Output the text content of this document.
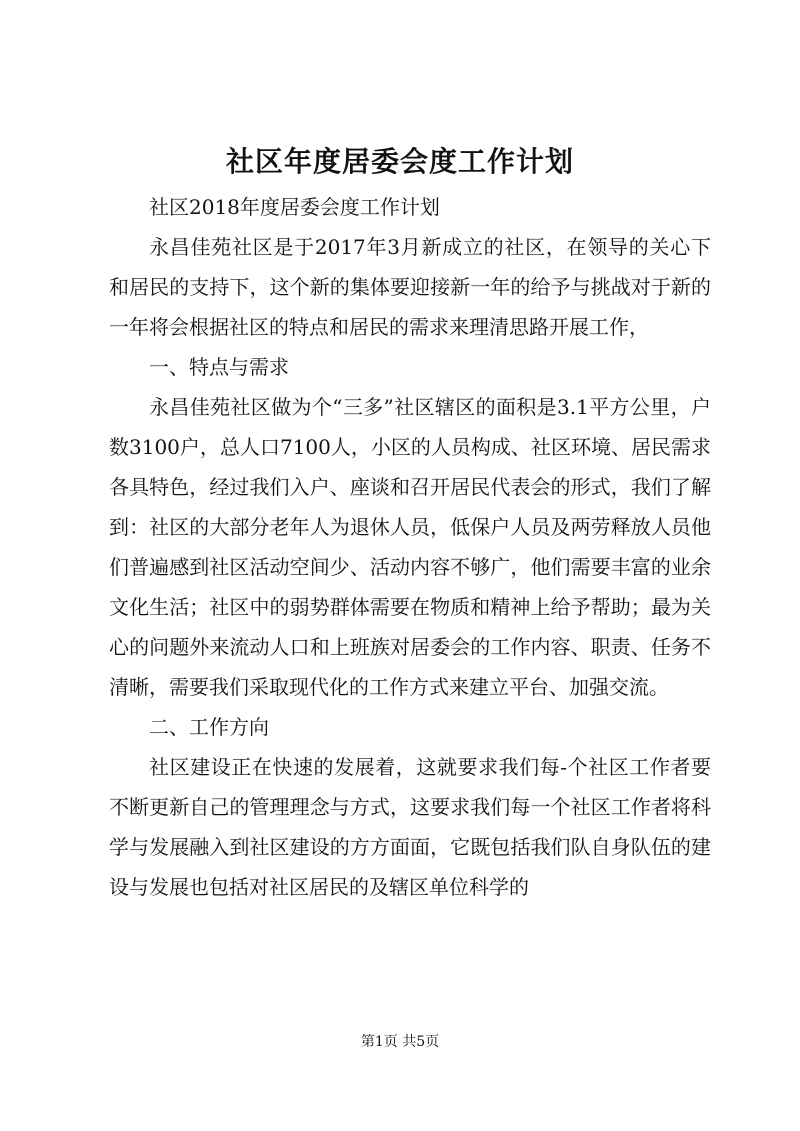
社区年度居委会度工作计划

社区2018年度居委会度工作计划

永昌佳苑社区是于2017年3月新成立的社区，在领导的关心下和居民的支持下，这个新的集体要迎接新一年的给予与挑战对于新的一年将会根据社区的特点和居民的需求来理清思路开展工作，

一、特点与需求

永昌佳苑社区做为个“三多”社区辖区的面积是3.1平方公里，户数3100户，总人口7100人，小区的人员构成、社区环境、居民需求各具特色，经过我们入户、座谈和召开居民代表会的形式，我们了解到：社区的大部分老年人为退休人员，低保户人员及两劳释放人员他们普遍感到社区活动空间少、活动内容不够广，他们需要丰富的业余文化生活；社区中的弱势群体需要在物质和精神上给予帮助；最为关心的问题外来流动人口和上班族对居委会的工作内容、职责、任务不清晰，需要我们采取现代化的工作方式来建立平台、加强交流。

二、工作方向

社区建设正在快速的发展着，这就要求我们每-个社区工作者要不断更新自己的管理理念与方式，这要求我们每一个社区工作者将科学与发展融入到社区建设的方方面面，它既包括我们队自身队伍的建设与发展也包括对社区居民的及辖区单位科学的

第1页 共5页
